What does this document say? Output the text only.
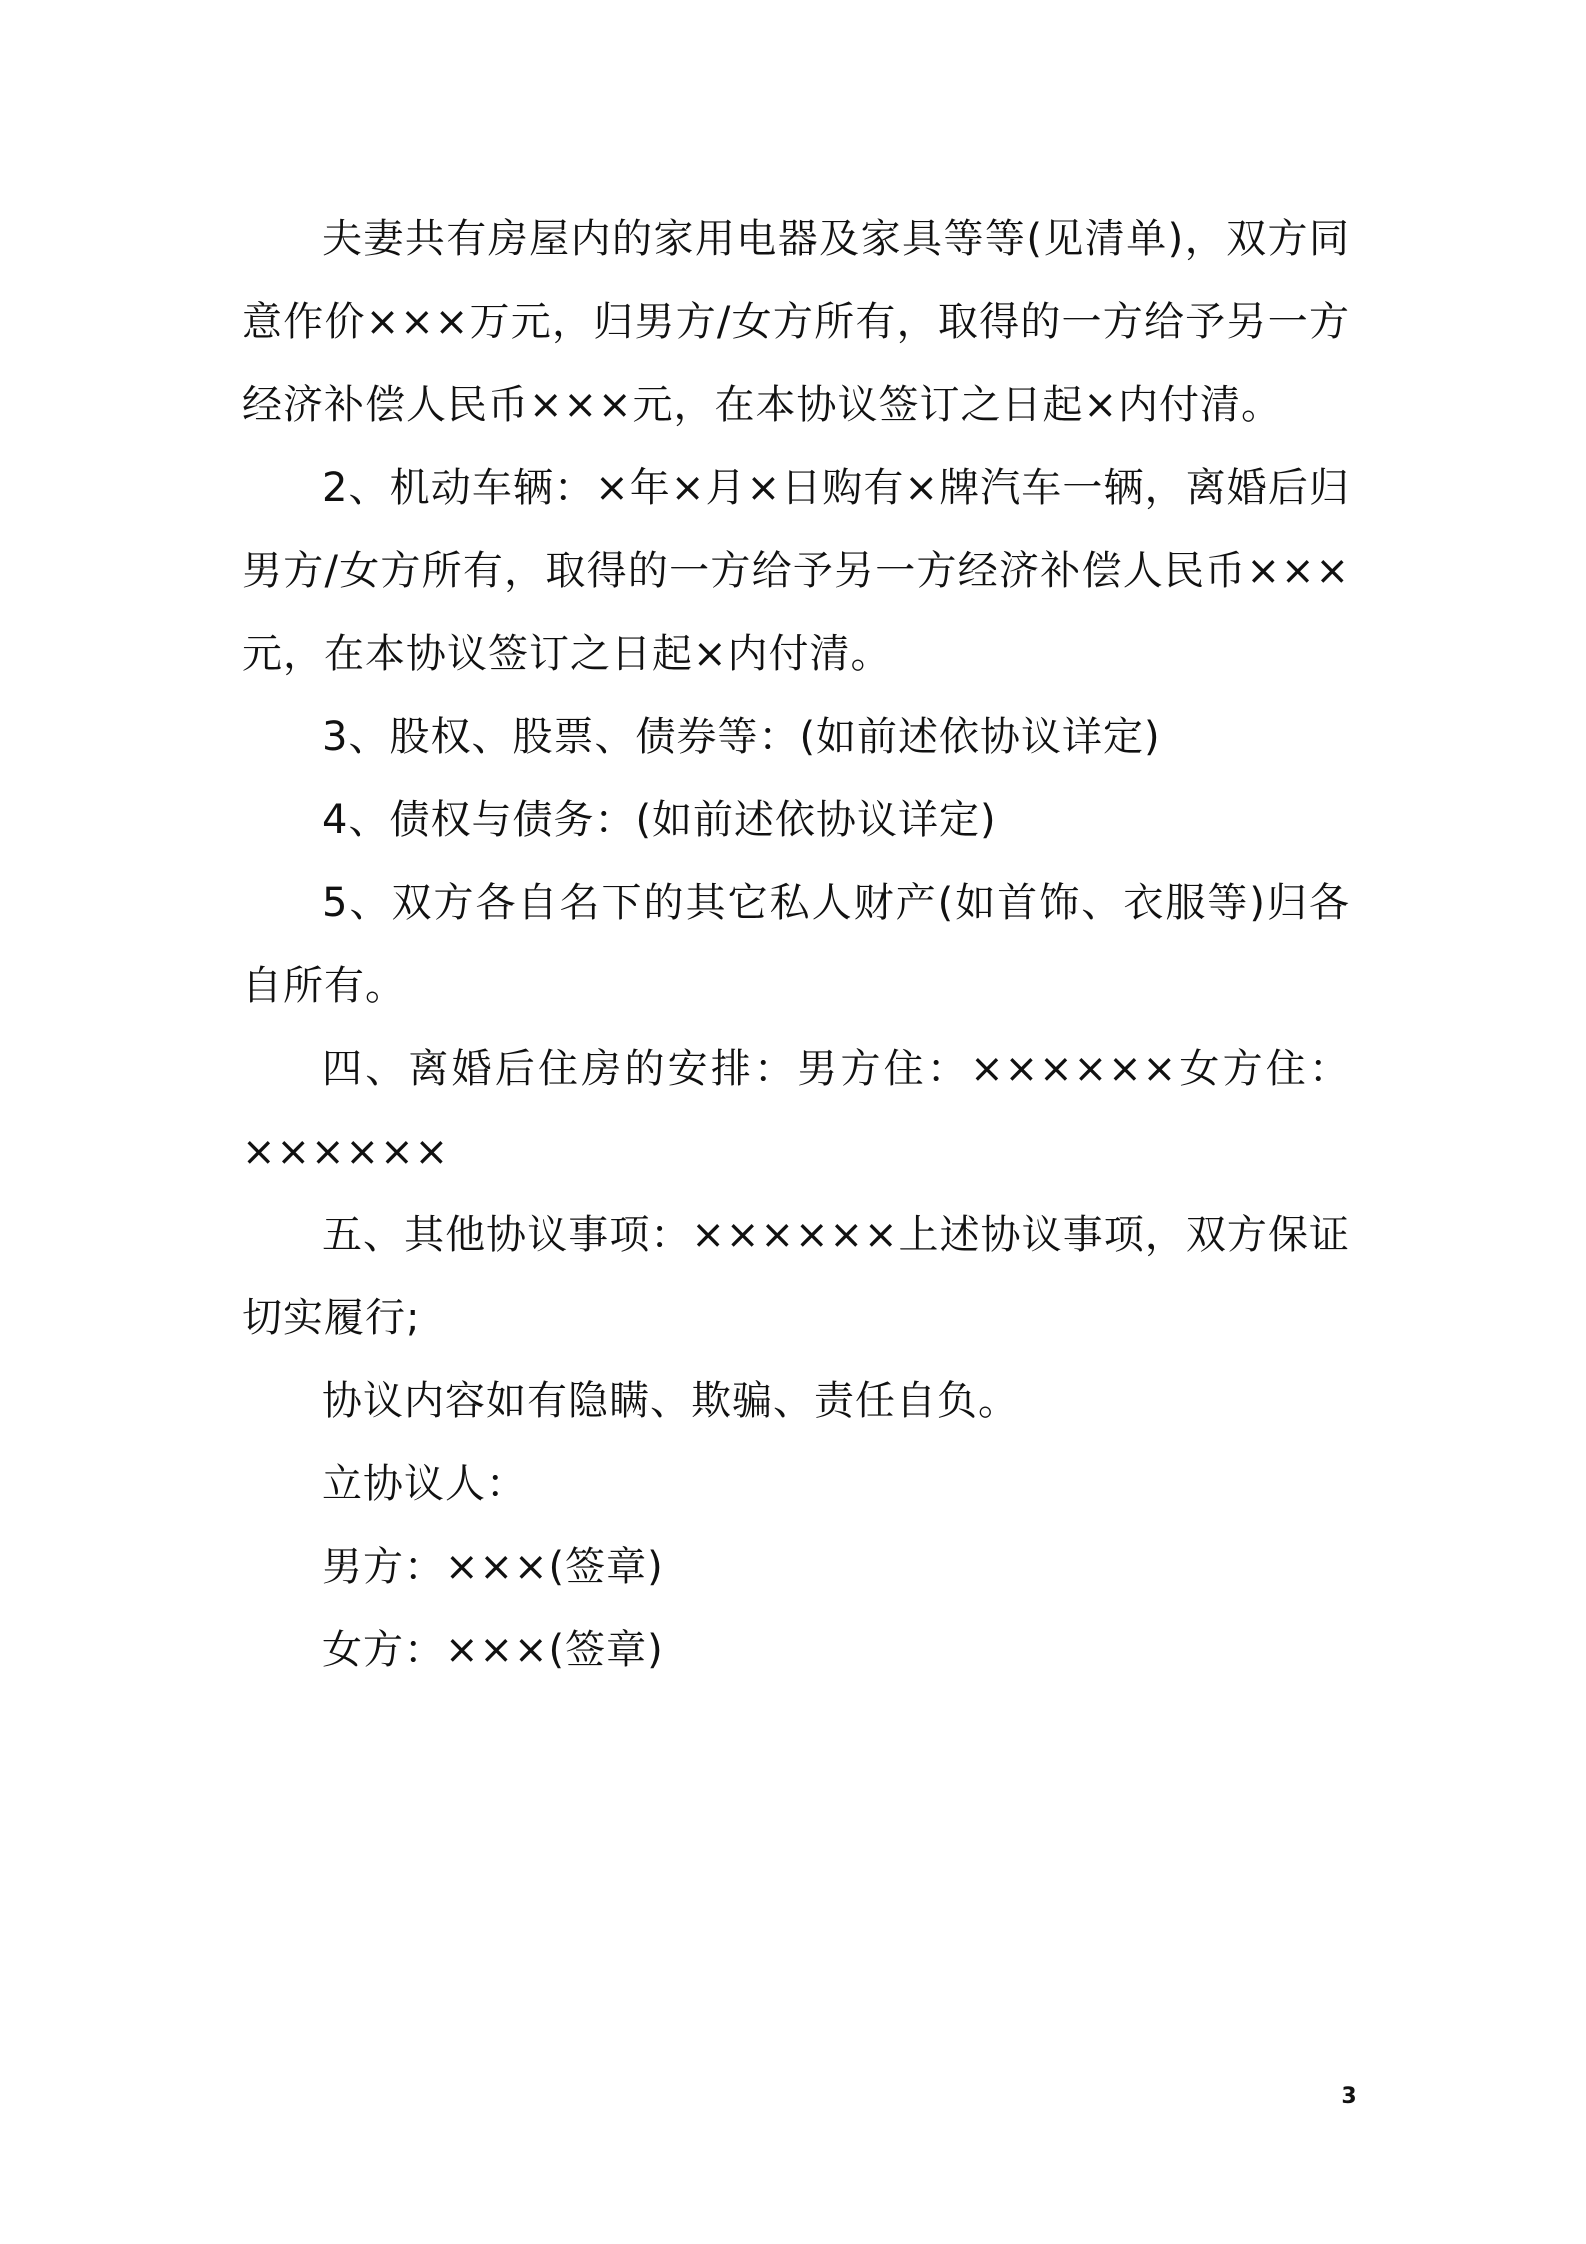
夫妻共有房屋内的家用电器及家具等等(见清单)，双方同意作价×××万元，归男方/女方所有，取得的一方给予另一方经济补偿人民币×××元，在本协议签订之日起×内付清。

2、机动车辆：×年×月×日购有×牌汽车一辆，离婚后归男方/女方所有，取得的一方给予另一方经济补偿人民币×××元，在本协议签订之日起×内付清。

3、股权、股票、债券等：(如前述依协议详定)

4、债权与债务：(如前述依协议详定)

5、双方各自名下的其它私人财产(如首饰、衣服等)归各自所有。

四、离婚后住房的安排：男方住：××××××女方住：××××××

五、其他协议事项：××××××上述协议事项，双方保证切实履行;

协议内容如有隐瞒、欺骗、责任自负。

立协议人：

男方：×××(签章)

女方：×××(签章)

3
